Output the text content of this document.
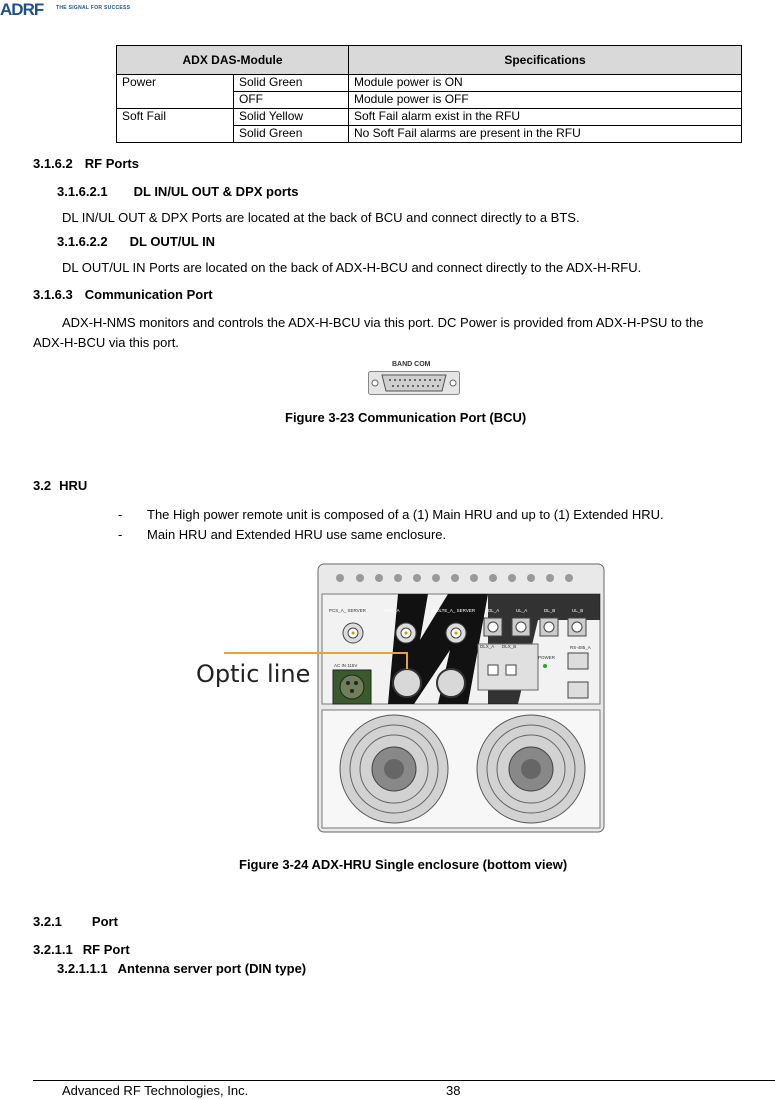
ADRF	THE SIGNAL FOR SUCCESS
ADX DAS-Module		Specifications
Power	Solid Green	Module power is ON
	OFF	Module power is OFF
Soft Fail	Solid Yellow	Soft Fail alarm exist in the RFU
	Solid Green	No Soft Fail alarms are present in the RFU
3.1.6.2 RF Ports
3.1.6.2.1 DL IN/UL OUT & DPX ports
DL IN/UL OUT & DPX Ports are located at the back of BCU and connect directly to a BTS.
3.1.6.2.2 DL OUT/UL IN
DL OUT/UL IN Ports are located on the back of ADX-H-BCU and connect directly to the ADX-H-RFU.
3.1.6.3 Communication Port
ADX-H-NMS monitors and controls the ADX-H-BCU via this port. DC Power is provided from ADX-H-PSU to the
ADX-H-BCU via this port.
BAND COM
Figure 3-23 Communication Port (BCU)
3.2 HRU
- The High power remote unit is composed of a (1) Main HRU and up to (1) Extended HRU.
- Main HRU and Extended HRU use same enclosure.
PCS_A_ SERVER	AWS_A	700LTE_A_ SERVER	DL_A	UL_A	DL_B	UL_B
DLX_A DLX_B
POWER
RS-485_A
AC IN 115V
Optic line
Figure 3-24 ADX-HRU Single enclosure (bottom view)
3.2.1 Port
3.2.1.1 RF Port
3.2.1.1.1 Antenna server port (DIN type)
Advanced RF Technologies, Inc.	38
